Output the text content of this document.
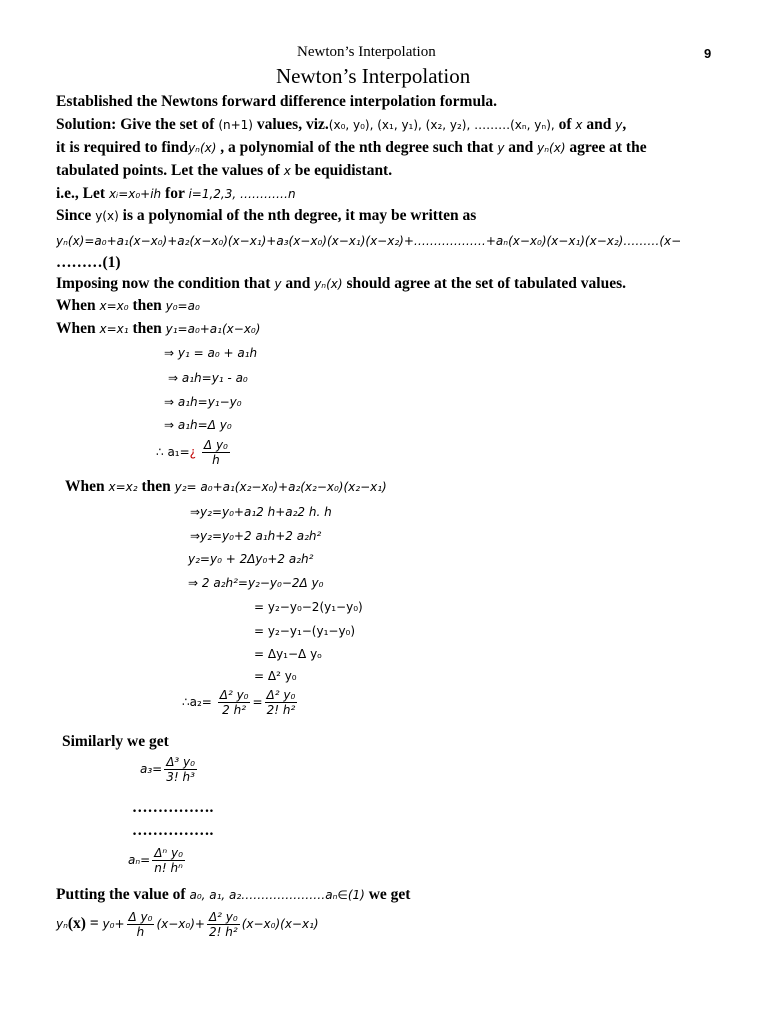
Newton’s Interpolation	9
Newton’s Interpolation
Established the Newtons forward difference interpolation formula.
Solution: Give the set of (n+1) values, viz.(x₀, y₀), (x₁, y₁), (x₂, y₂), ………(xₙ, yₙ), of x and y,
it is required to findyₙ(x) , a polynomial of the nth degree such that y and yₙ(x) agree at the
tabulated points. Let the values of x be equidistant.
i.e., Let xᵢ=x₀+ih for i=1,2,3, …………n
Since y(x) is a polynomial of the nth degree, it may be written as
yₙ(x)=a₀+a₁(x−x₀)+a₂(x−x₀)(x−x₁)+a₃(x−x₀)(x−x₁)(x−x₂)+………………+aₙ(x−x₀)(x−x₁)(x−x₂)………(x−
………(1)
Imposing now the condition that y and yₙ(x) should agree at the set of tabulated values.
When x=x₀ then y₀=a₀
When x=x₁ then y₁=a₀+a₁(x−x₀)
⇒ y₁ = a₀ + a₁h
⇒ a₁h=y₁ - a₀
⇒ a₁h=y₁−y₀
⇒ a₁h=Δ y₀
∴ a₁=¿ $\frac{\text{Δ y₀}}{h}$
When x=x₂ then y₂= a₀+a₁(x₂−x₀)+a₂(x₂−x₀)(x₂−x₁)
⇒y₂=y₀+a₁2 h+a₂2 h. h
⇒y₂=y₀+2 a₁h+2 a₂h²
y₂=y₀ + 2Δy₀+2 a₂h²
⇒ 2 a₂h²=y₂−y₀−2Δ y₀
= y₂−y₀−2(y₁−y₀)
= y₂−y₁−(y₁−y₀)
= Δy₁−Δ yₒ
= Δ² y₀
∴a₂= $\frac{\text{Δ² y₀}}{\text{2 h²}} = \frac{\text{Δ² y₀}}{\text{2! h²}}$
Similarly we get
$a_3= \frac{\text{Δ³ y₀}}{\text{3! h³}}$
…………….
…………….
$a_n= \frac{\text{Δⁿ y₀}}{\text{n! hⁿ}}$
Putting the value of a₀, a₁, a₂…………………aₙ∈(1) we get
$y_n(x) = y_0+ \frac{\text{Δ y₀}}{h} (x-x_0)+ \frac{\text{Δ² y₀}}{\text{2! h²}} (x-x_0)(x-x_1)$
